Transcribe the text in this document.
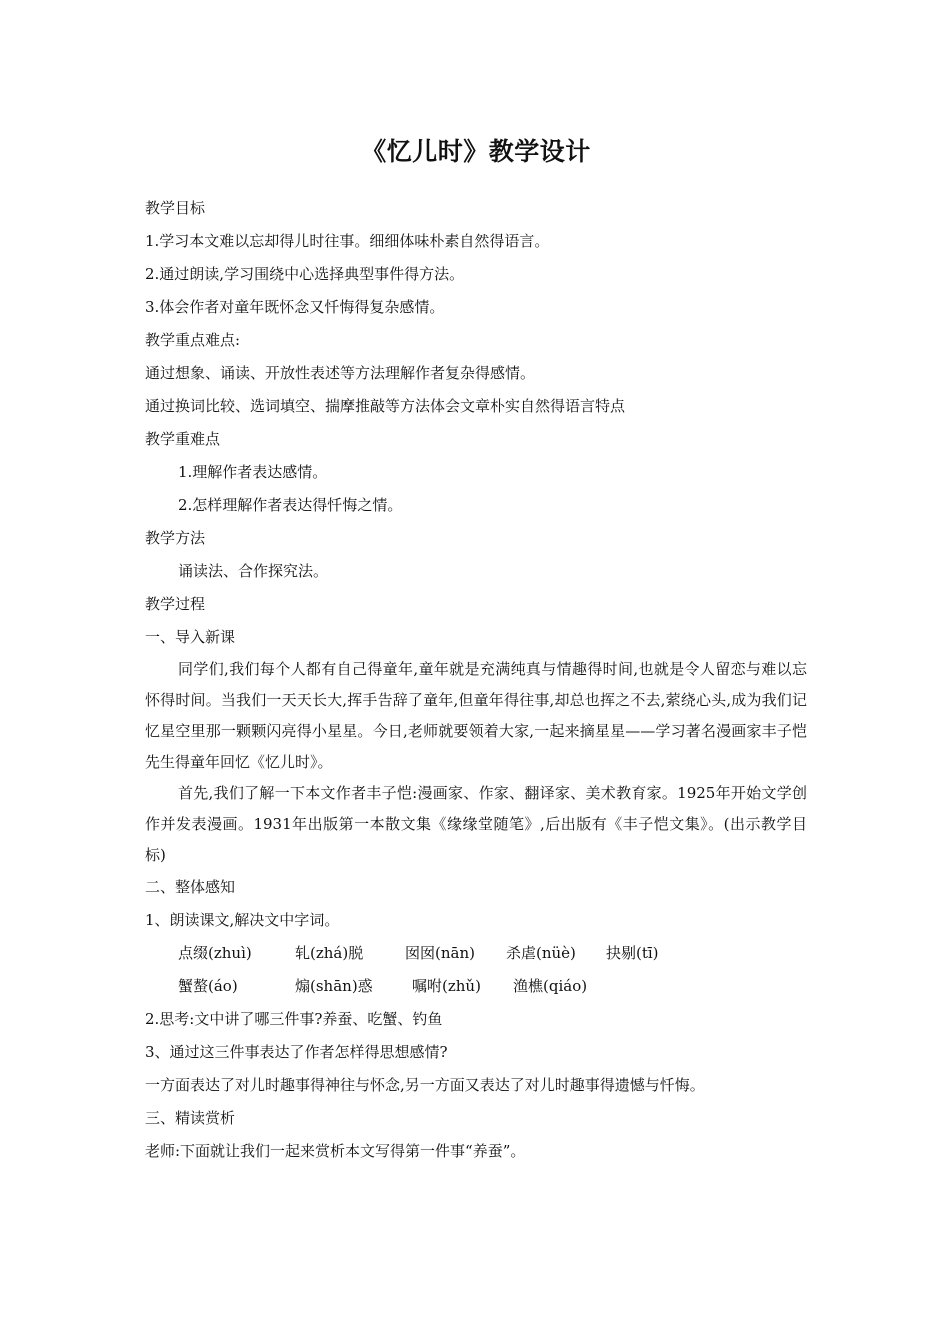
《忆儿时》教学设计
教学目标
1.学习本文难以忘却得儿时往事。细细体味朴素自然得语言。
2.通过朗读,学习围绕中心选择典型事件得方法。
3.体会作者对童年既怀念又忏悔得复杂感情。
教学重点难点:
通过想象、诵读、开放性表述等方法理解作者复杂得感情。
通过换词比较、选词填空、揣摩推敲等方法体会文章朴实自然得语言特点
教学重难点
1.理解作者表达感情。
2.怎样理解作者表达得忏悔之情。
教学方法
诵读法、合作探究法。
教学过程
一、导入新课

同学们,我们每个人都有自己得童年,童年就是充满纯真与情趣得时间,也就是令人留恋与难以忘怀得时间。当我们一天天长大,挥手告辞了童年,但童年得往事,却总也挥之不去,萦绕心头,成为我们记忆星空里那一颗颗闪亮得小星星。今日,老师就要领着大家,一起来摘星星——学习著名漫画家丰子恺先生得童年回忆《忆儿时》。

首先,我们了解一下本文作者丰子恺:漫画家、作家、翻译家、美术教育家。1925年开始文学创作并发表漫画。1931年出版第一本散文集《缘缘堂随笔》,后出版有《丰子恺文集》。(出示教学目标)

二、整体感知
1、朗读课文,解决文中字词。
点缀(zhuì)	轧(zhá)脱	囡囡(nān) 杀虐(nüè) 抉剔(tī)
蟹螯(áo)	煽(shān)惑	嘱咐(zhǔ) 渔樵(qiáo)
2.思考:文中讲了哪三件事?养蚕、吃蟹、钓鱼
3、通过这三件事表达了作者怎样得思想感情?
一方面表达了对儿时趣事得神往与怀念,另一方面又表达了对儿时趣事得遗憾与忏悔。
三、精读赏析
老师:下面就让我们一起来赏析本文写得第一件事“养蚕”。
